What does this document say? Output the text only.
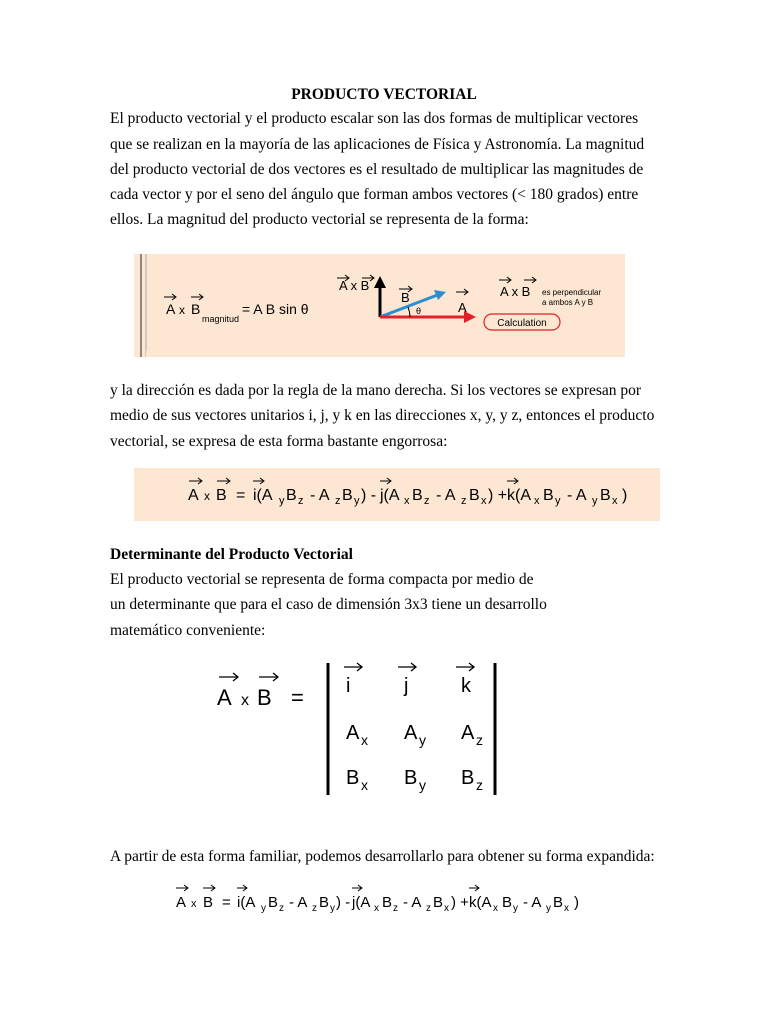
PRODUCTO VECTORIAL

El producto vectorial y el producto escalar son las dos formas de multiplicar vectores

que se realizan en la mayoría de las aplicaciones de Física y Astronomía. La magnitud

del producto vectorial de dos vectores es el resultado de multiplicar las magnitudes de

cada vector y por el seno del ángulo que forman ambos vectores (< 180 grados) entre

ellos. La magnitud del producto vectorial se representa de la forma:

A x B
magnitud
= A B sin θ
A x B
B
A
θ
A x B es perpendicular
a ambos A y B
Calculation

y la dirección es dada por la regla de la mano derecha. Si los vectores se expresan por

medio de sus vectores unitarios i, j, y k en las direcciones x, y, y z, entonces el producto

vectorial, se expresa de esta forma bastante engorrosa:

A x B = i(A y B z - A z B y ) - j(A x B z - A z B x ) + k(A x B y - A y B x )

Determinante del Producto Vectorial

El producto vectorial se representa de forma compacta por medio de

un determinante que para el caso de dimensión 3x3 tiene un desarrollo

matemático conveniente:

A x B = i	j	k
A x A y A z
B x B y B z

A partir de esta forma familiar, podemos desarrollarlo para obtener su forma expandida:

A x B = i(A y B z - A z B y ) - j(A x B z - A z B x ) + k(A x B y - A y B x )
